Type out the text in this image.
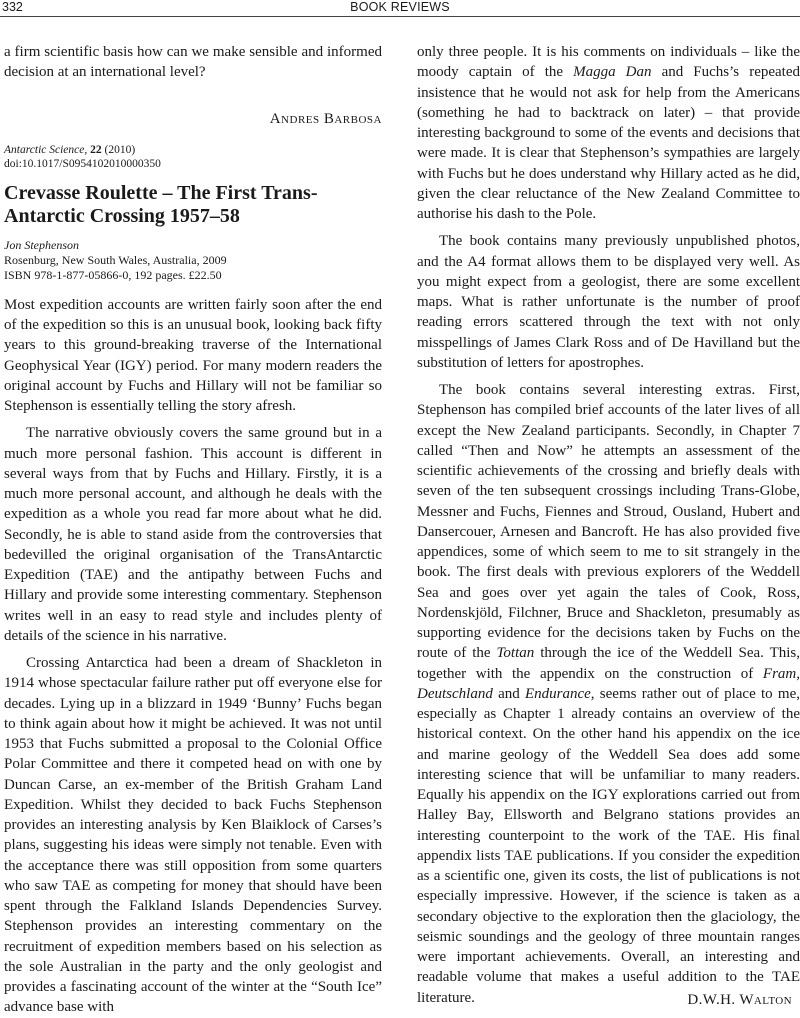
332	BOOK REVIEWS

a firm scientific basis how can we make sensible and informed decision at an international level?

Andres Barbosa

Antarctic Science, 22 (2010)
doi:10.1017/S0954102010000350
Crevasse Roulette – The First Trans-Antarctic Crossing 1957–58
Jon Stephenson
Rosenburg, New South Wales, Australia, 2009
ISBN 978-1-877-05866-0, 192 pages. £22.50

Most expedition accounts are written fairly soon after the end of the expedition so this is an unusual book, looking back fifty years to this ground-breaking traverse of the International Geophysical Year (IGY) period. For many modern readers the original account by Fuchs and Hillary will not be familiar so Stephenson is essentially telling the story afresh.

The narrative obviously covers the same ground but in a much more personal fashion. This account is different in several ways from that by Fuchs and Hillary. Firstly, it is a much more personal account, and although he deals with the expedition as a whole you read far more about what he did. Secondly, he is able to stand aside from the controversies that bedevilled the original organisation of the TransAntarctic Expedition (TAE) and the antipathy between Fuchs and Hillary and provide some interesting commentary. Stephenson writes well in an easy to read style and includes plenty of details of the science in his narrative.

Crossing Antarctica had been a dream of Shackleton in 1914 whose spectacular failure rather put off everyone else for decades. Lying up in a blizzard in 1949 ‘Bunny’ Fuchs began to think again about how it might be achieved. It was not until 1953 that Fuchs submitted a proposal to the Colonial Office Polar Committee and there it competed head on with one by Duncan Carse, an ex-member of the British Graham Land Expedition. Whilst they decided to back Fuchs Stephenson provides an interesting analysis by Ken Blaiklock of Carses’s plans, suggesting his ideas were simply not tenable. Even with the acceptance there was still opposition from some quarters who saw TAE as competing for money that should have been spent through the Falkland Islands Dependencies Survey. Stephenson provides an interesting commentary on the recruitment of expedition members based on his selection as the sole Australian in the party and the only geologist and provides a fascinating account of the winter at the “South Ice” advance base with

only three people. It is his comments on individuals – like the moody captain of the Magga Dan and Fuchs’s repeated insistence that he would not ask for help from the Americans (something he had to backtrack on later) – that provide interesting background to some of the events and decisions that were made. It is clear that Stephenson’s sympathies are largely with Fuchs but he does understand why Hillary acted as he did, given the clear reluctance of the New Zealand Committee to authorise his dash to the Pole.

The book contains many previously unpublished photos, and the A4 format allows them to be displayed very well. As you might expect from a geologist, there are some excellent maps. What is rather unfortunate is the number of proof reading errors scattered through the text with not only misspellings of James Clark Ross and of De Havilland but the substitution of letters for apostrophes.

The book contains several interesting extras. First, Stephenson has compiled brief accounts of the later lives of all except the New Zealand participants. Secondly, in Chapter 7 called “Then and Now” he attempts an assessment of the scientific achievements of the crossing and briefly deals with seven of the ten subsequent crossings including Trans-Globe, Messner and Fuchs, Fiennes and Stroud, Ousland, Hubert and Dansercouer, Arnesen and Bancroft. He has also provided five appendices, some of which seem to me to sit strangely in the book. The first deals with previous explorers of the Weddell Sea and goes over yet again the tales of Cook, Ross, Nordenskjöld, Filchner, Bruce and Shackleton, presumably as supporting evidence for the decisions taken by Fuchs on the route of the Tottan through the ice of the Weddell Sea. This, together with the appendix on the construction of Fram, Deutschland and Endurance, seems rather out of place to me, especially as Chapter 1 already contains an overview of the historical context. On the other hand his appendix on the ice and marine geology of the Weddell Sea does add some interesting science that will be unfamiliar to many readers. Equally his appendix on the IGY explorations carried out from Halley Bay, Ellsworth and Belgrano stations provides an interesting counterpoint to the work of the TAE. His final appendix lists TAE publications. If you consider the expedition as a scientific one, given its costs, the list of publications is not especially impressive. However, if the science is taken as a secondary objective to the exploration then the glaciology, the seismic soundings and the geology of three mountain ranges were important achievements. Overall, an interesting and readable volume that makes a useful addition to the TAE literature.	D.W.H. Walton
